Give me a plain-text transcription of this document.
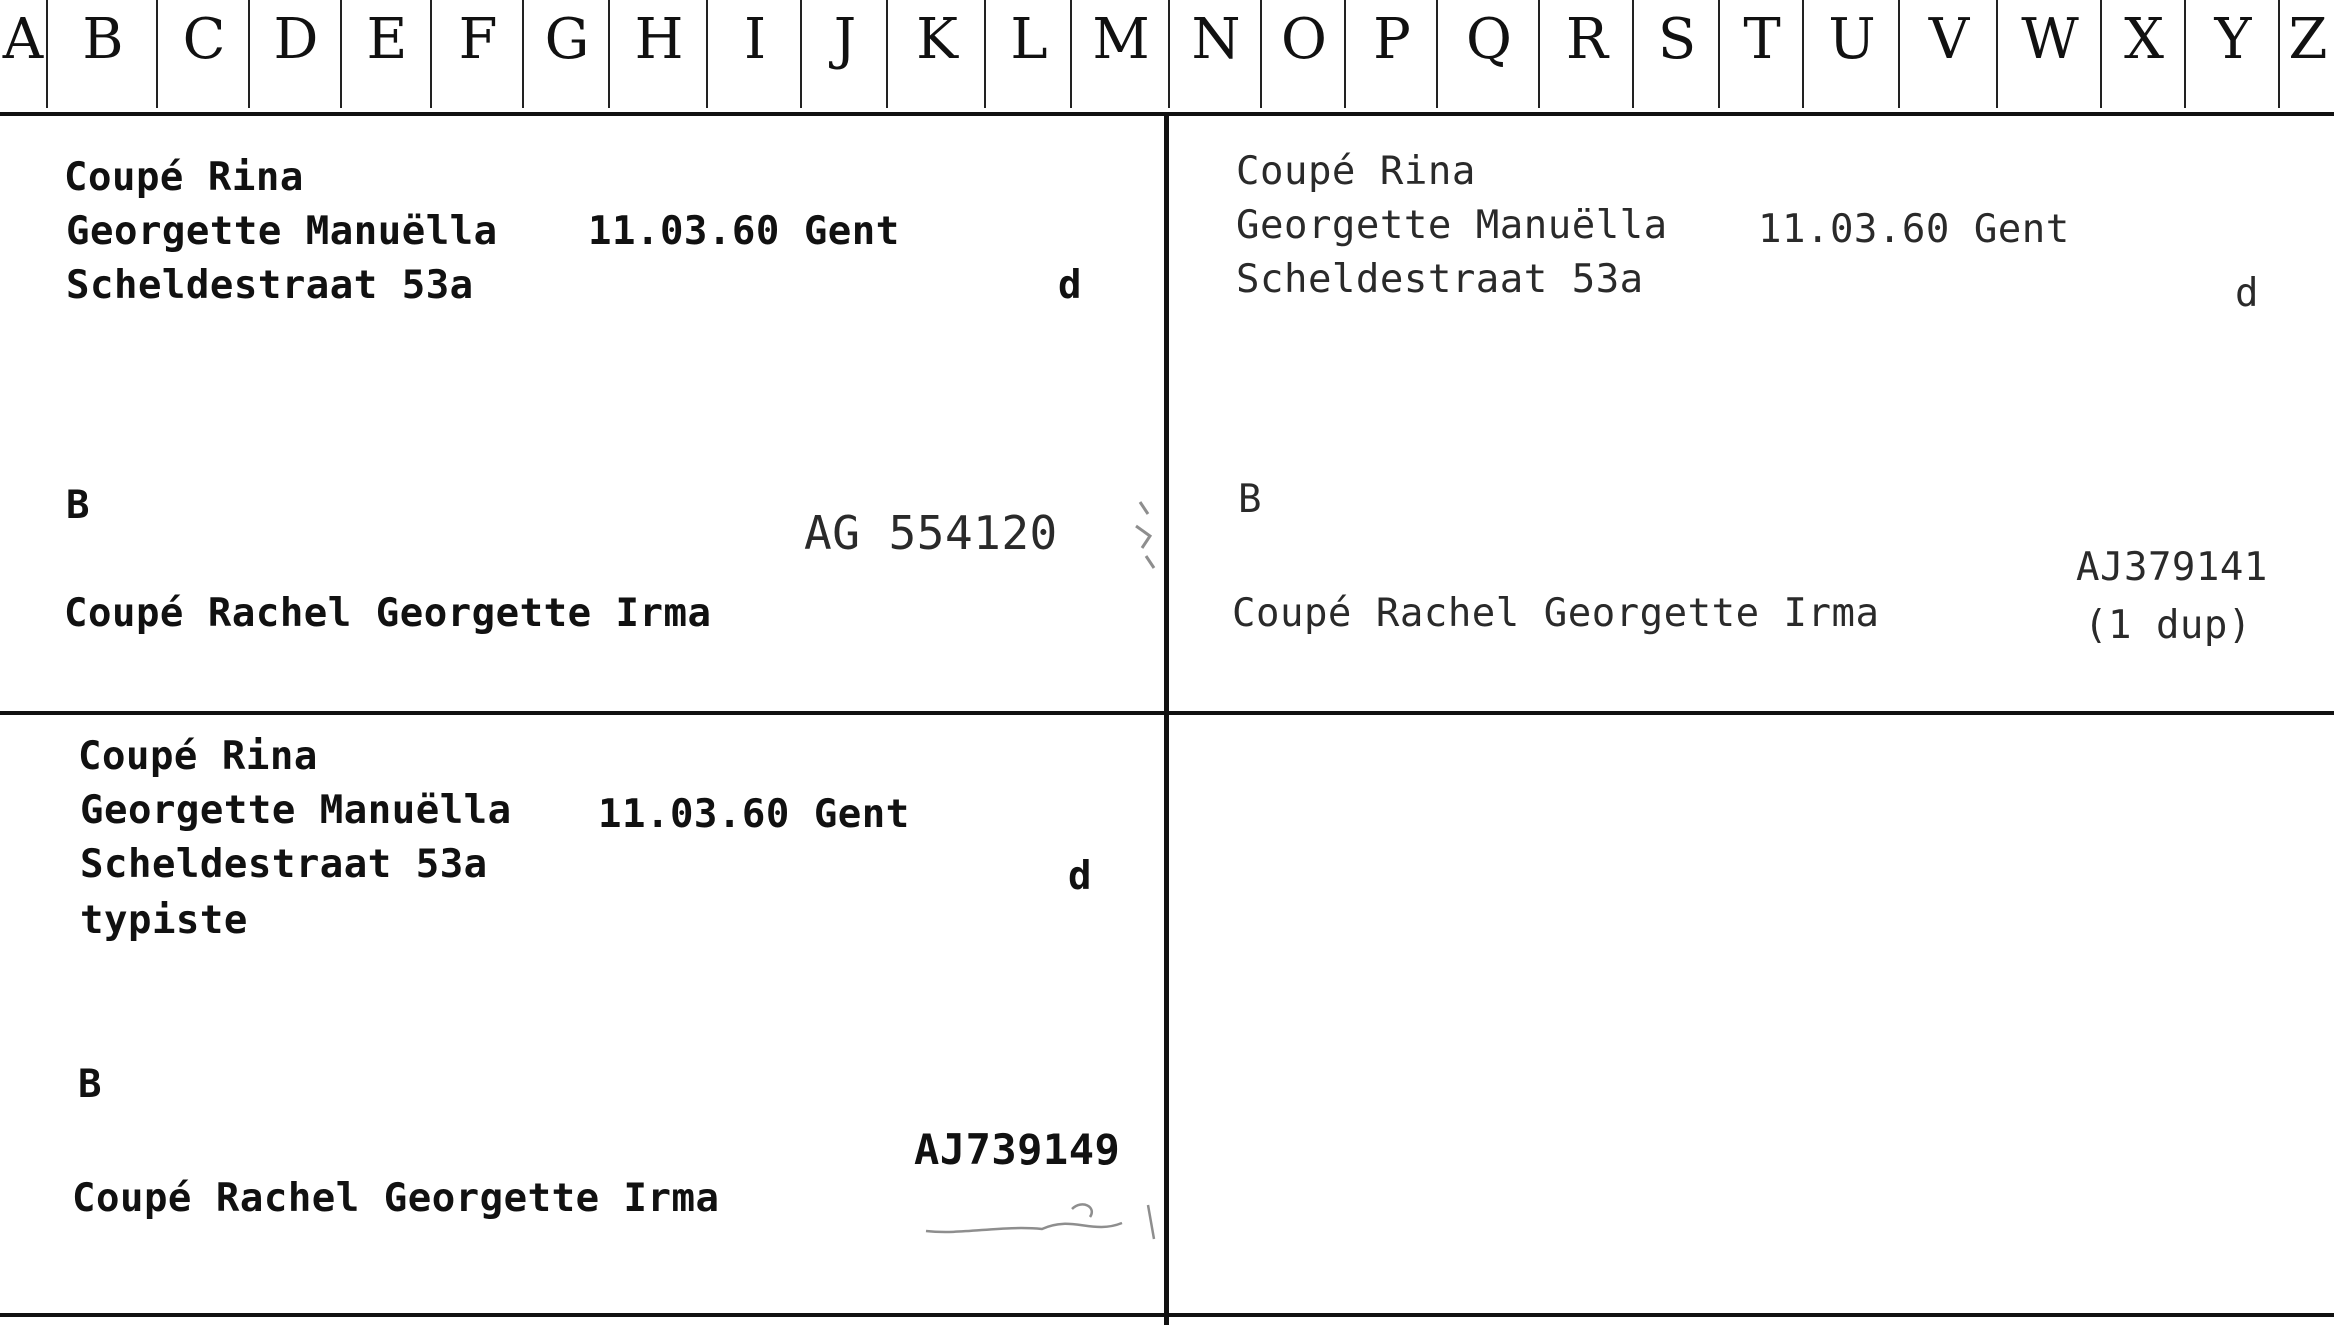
A B C D E F G H I J K L M N O P Q R S T U V W X Y Z
Coupé Rina
Georgette Manuëlla 11.03.60 Gent
Scheldestraat 53a	d
B
AG 554120
Coupé Rachel Georgette Irma
Coupé Rina
Georgette Manuëlla 11.03.60 Gent
Scheldestraat 53a	d
B
AJ379141
(1 dup)
Coupé Rachel Georgette Irma
Coupé Rina
Georgette Manuëlla 11.03.60 Gent
Scheldestraat 53a	d
typiste
B
AJ739149
Coupé Rachel Georgette Irma
